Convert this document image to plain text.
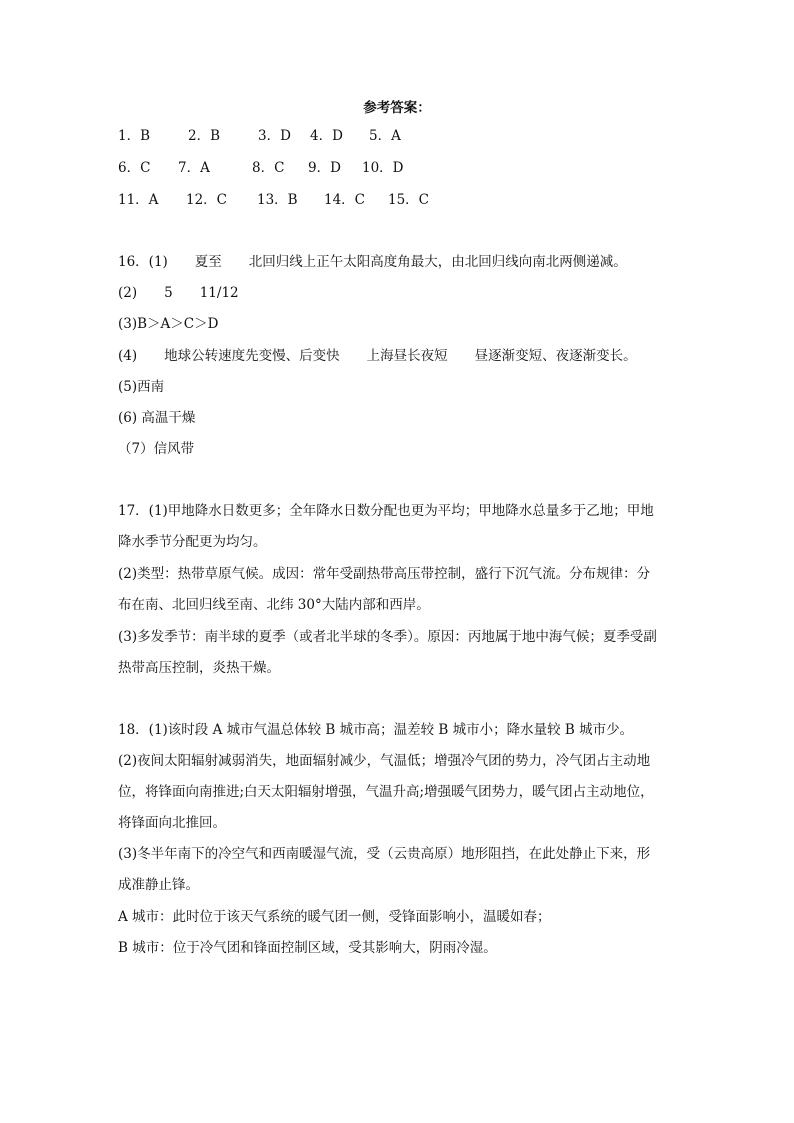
参考答案：
1．B	2．B	3．D 4．D 5．A
6．C 7．A	8．C 9．D 10．D
11．A 12．C 13．B 14．C 15．C
16．(1)　　夏至　　北回归线上正午太阳高度角最大，由北回归线向南北两侧递减。
(2)　　5　　11/12
(3)B＞A＞C＞D
(4)　　地球公转速度先变慢、后变快　　上海昼长夜短　　昼逐渐变短、夜逐渐变长。
(5)西南
(6) 高温干燥
（7）信风带
17．(1)甲地降水日数更多；全年降水日数分配也更为平均；甲地降水总量多于乙地；甲地
降水季节分配更为均匀。
(2)类型：热带草原气候。成因：常年受副热带高压带控制，盛行下沉气流。分布规律：分
布在南、北回归线至南、北纬 30°大陆内部和西岸。
(3)多发季节：南半球的夏季（或者北半球的冬季）。原因：丙地属于地中海气候；夏季受副
热带高压控制，炎热干燥。
18．(1)该时段 A 城市气温总体较 B 城市高；温差较 B 城市小；降水量较 B 城市少。
(2)夜间太阳辐射减弱消失，地面辐射减少，气温低；增强冷气团的势力，冷气团占主动地
位，将锋面向南推进;白天太阳辐射增强，气温升高;增强暖气团势力，暖气团占主动地位，
将锋面向北推回。
(3)冬半年南下的冷空气和西南暖湿气流，受（云贵高原）地形阻挡，在此处静止下来，形
成准静止锋。
A 城市：此时位于该天气系统的暖气团一侧，受锋面影响小，温暖如春；
B 城市：位于冷气团和锋面控制区域，受其影响大，阴雨冷湿。
